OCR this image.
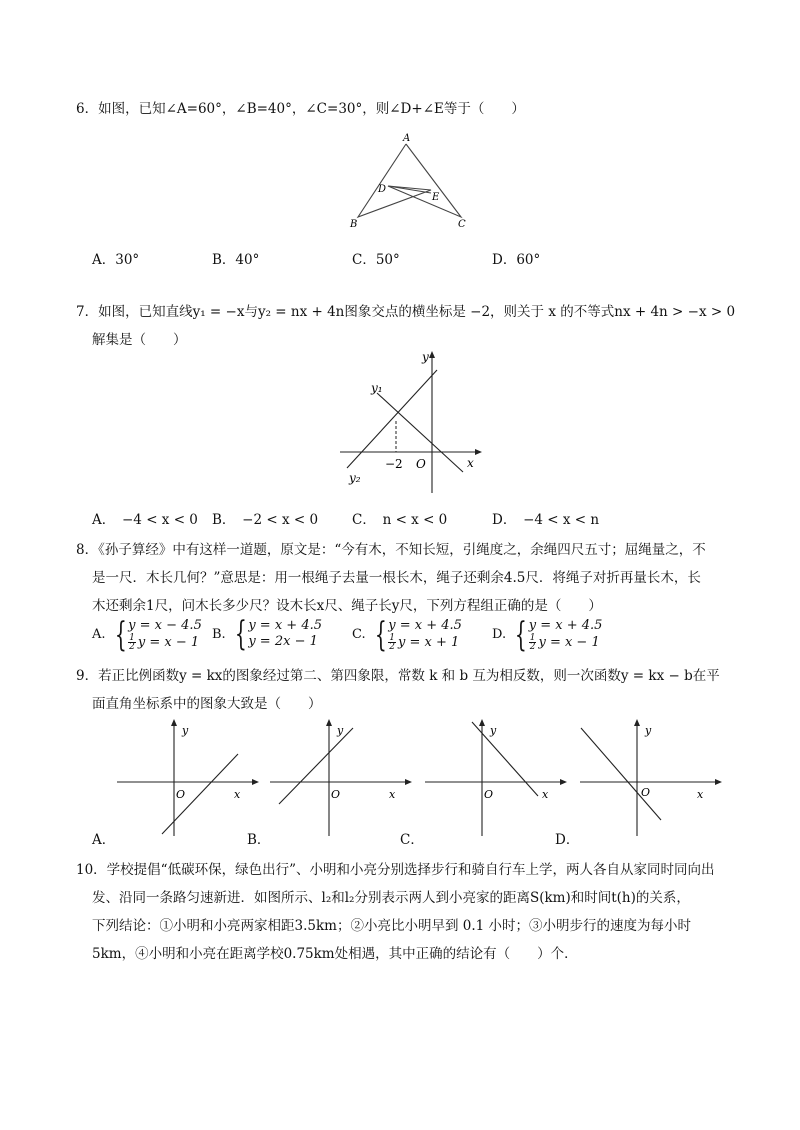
6．如图，已知∠A=60°，∠B=40°，∠C=30°，则∠D+∠E等于（　　）
A
B	C
D
E
A．30°	B．40°	C．50°	D．60°
7．如图，已知直线y₁ = −x与y₂ = nx + 4n图象交点的横坐标是 −2，则关于 x 的不等式nx + 4n > −x > 0
解集是（　　）
y
x
O
y₁
y₂
−2
A．　−4 < x < 0 B．　−2 < x < 0	C．　n < x < 0	D．　−4 < x < n
8．《孙子算经》中有这样一道题，原文是：“今有木，不知长短，引绳度之，余绳四尺五寸；屈绳量之，不
是一尺．木长几何？”意思是：用一根绳子去量一根长木，绳子还剩余4.5尺．将绳子对折再量长木，长
木还剩余1尺，问木长多少尺？设木长x尺、绳子长y尺，下列方程组正确的是（　　）
A. { y = x − 4.5
$\frac{1}{2}$ y = x − 1
B. { y = x + 4.5
y = 2x − 1	C. { y = x + 4.5
$\frac{1}{2}$ y = x + 1
D. { y = x + 4.5
$\frac{1}{2}$ y = x − 1
9．若正比例函数y = kx的图象经过第二、第四象限，常数 k 和 b 互为相反数，则一次函数y = kx − b在平
面直角坐标系中的图象大致是（　　）
y
x
O
y
x
O
y
x
O
y
x
O
A．	B．	C．	D．
10．学校提倡“低碳环保，绿色出行”、小明和小亮分别选择步行和骑自行车上学，两人各自从家同时同向出
发、沿同一条路匀速新进．如图所示、l₂和l₂分别表示两人到小亮家的距离S(km)和时间t(h)的关系，
下列结论：①小明和小亮两家相距3.5km；②小亮比小明早到 0.1 小时；③小明步行的速度为每小时
5km，④小明和小亮在距离学校0.75km处相遇，其中正确的结论有（　　）个．
